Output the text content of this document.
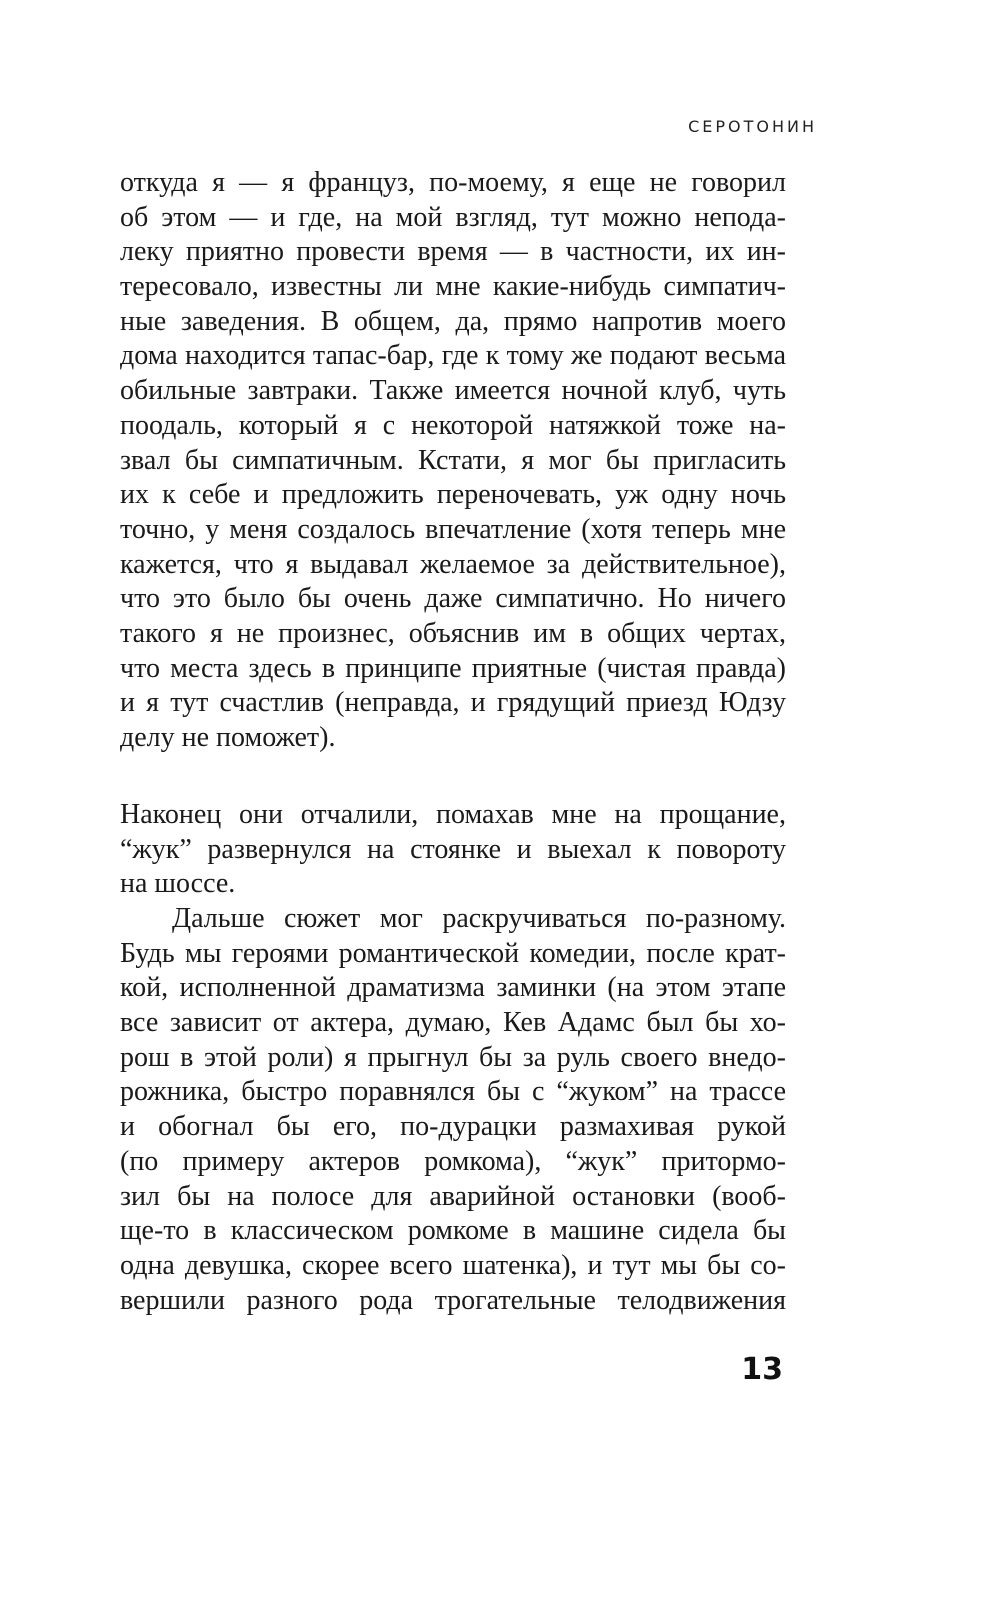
СЕРОТОНИН
откуда я — я француз, по-моему, я еще не говорил
об этом — и где, на мой взгляд, тут можно непода-
леку приятно провести время — в частности, их ин-
тересовало, известны ли мне какие-нибудь симпатич-
ные заведения. В общем, да, прямо напротив моего
дома находится тапас-бар, где к тому же подают весьма
обильные завтраки. Также имеется ночной клуб, чуть
поодаль, который я с некоторой натяжкой тоже на-
звал бы симпатичным. Кстати, я мог бы пригласить
их к себе и предложить переночевать, уж одну ночь
точно, у меня создалось впечатление (хотя теперь мне
кажется, что я выдавал желаемое за действительное),
что это было бы очень даже симпатично. Но ничего
такого я не произнес, объяснив им в общих чертах,
что места здесь в принципе приятные (чистая правда)
и я тут счастлив (неправда, и грядущий приезд Юдзу
делу не поможет).
Наконец они отчалили, помахав мне на прощание,
“жук” развернулся на стоянке и выехал к повороту
на шоссе.
Дальше сюжет мог раскручиваться по-разному.
Будь мы героями романтической комедии, после крат-
кой, исполненной драматизма заминки (на этом этапе
все зависит от актера, думаю, Кев Адамс был бы хо-
рош в этой роли) я прыгнул бы за руль своего внедо-
рожника, быстро поравнялся бы с “жуком” на трассе
и обогнал бы его, по-дурацки размахивая рукой
(по примеру актеров ромкома), “жук” притормо-
зил бы на полосе для аварийной остановки (вооб-
ще-то в классическом ромкоме в машине сидела бы
одна девушка, скорее всего шатенка), и тут мы бы со-
вершили разного рода трогательные телодвижения
13
